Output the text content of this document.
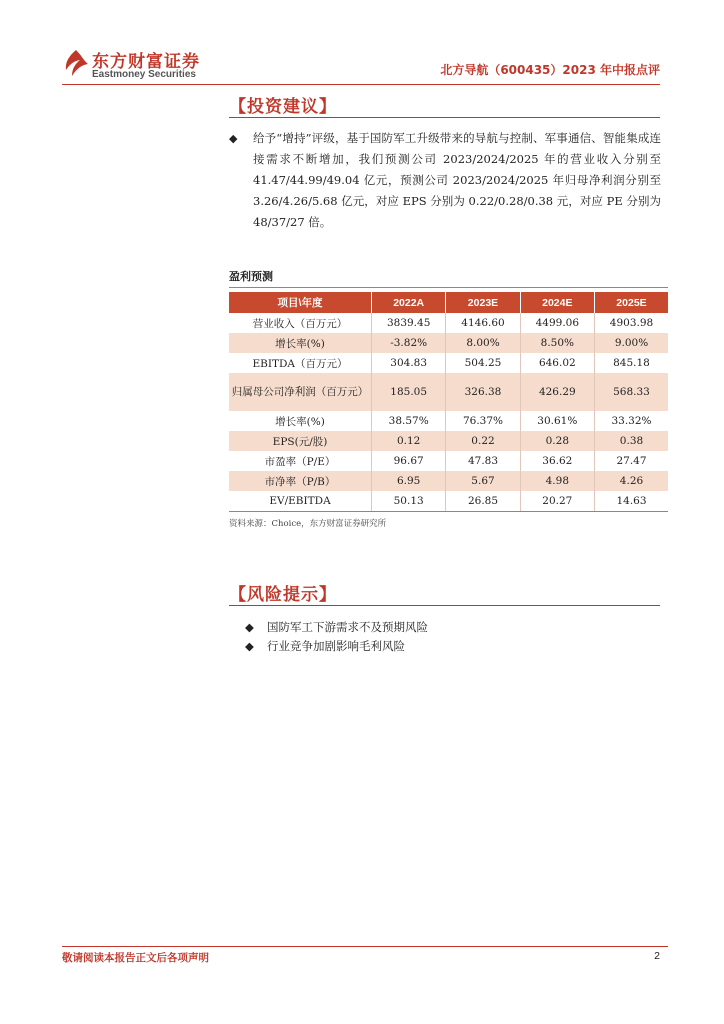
东方财富证券
Eastmoney Securities	北方导航（600435）2023 年中报点评
【投资建议】
◆ 给予“增持”评级，基于国防军工升级带来的导航与控制、军事通信、智能集成连接需求不断增加，我们预测公司 2023/2024/2025 年的营业收入分别至 41.47/44.99/49.04 亿元，预测公司 2023/2024/2025 年归母净利润分别至 3.26/4.26/5.68 亿元，对应 EPS 分别为 0.22/0.28/0.38 元，对应 PE 分别为 48/37/27 倍。
盈利预测
项目\年度	2022A	2023E	2024E	2025E
营业收入（百万元）	3839.45	4146.60	4499.06	4903.98
增长率(%)	-3.82%	8.00%	8.50%	9.00%
EBITDA（百万元）	304.83	504.25	646.02	845.18
归属母公司净利润（百万元）	185.05	326.38	426.29	568.33
增长率(%)	38.57%	76.37%	30.61%	33.32%
EPS(元/股)	0.12	0.22	0.28	0.38
市盈率（P/E）	96.67	47.83	36.62	27.47
市净率（P/B）	6.95	5.67	4.98	4.26
EV/EBITDA	50.13	26.85	20.27	14.63
资料来源：Choice，东方财富证券研究所
【风险提示】
◆ 国防军工下游需求不及预期风险
◆ 行业竞争加剧影响毛利风险
敬请阅读本报告正文后各项声明	2
